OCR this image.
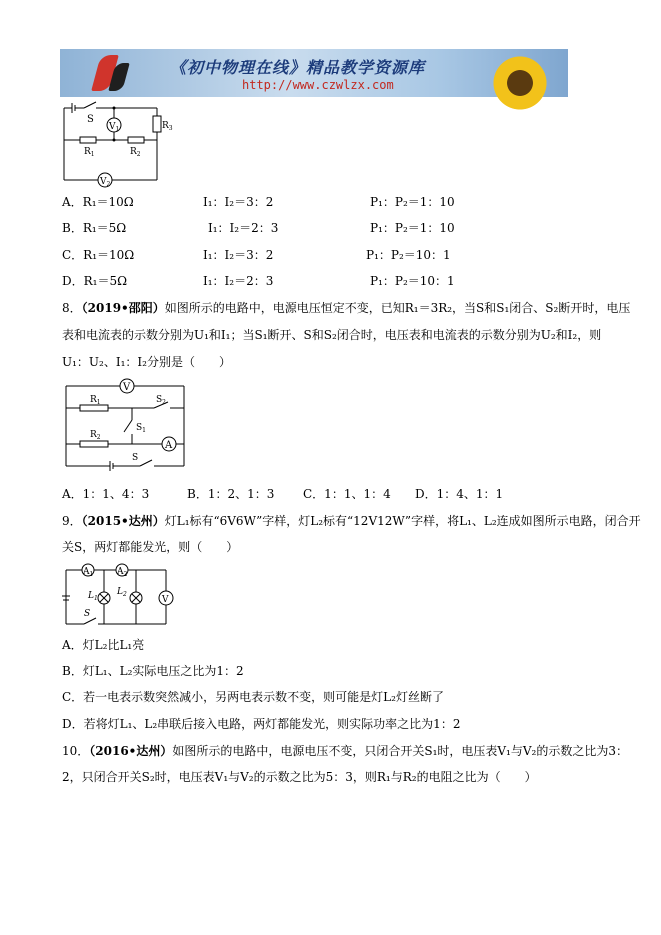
《初中物理在线》精品教学资源库
http://www.czwlzx.com
S
$V_1$	$R_3$
$R_1$	$R_2$
$V_2$
A．R₁＝10Ω	I₁：I₂＝3：2	P₁：P₂＝1：10
B．R₁＝5Ω	I₁：I₂＝2：3	P₁：P₂＝1：10
C．R₁＝10Ω	I₁：I₂＝3：2	P₁：P₂＝10：1
D．R₁＝5Ω	I₁：I₂＝2：3	P₁：P₂＝10：1
8．（2019•邵阳）如图所示的电路中，电源电压恒定不变，已知R₁＝3R₂，当S和S₁闭合、S₂断开时，电压
表和电流表的示数分别为U₁和I₁；当S₁断开、S和S₂闭合时，电压表和电流表的示数分别为U₂和I₂，则
U₁：U₂、I₁：I₂分别是（　　）
V
$R_1$	$S_2$
$R_2$
$S_1$
A
S
A．1：1、4：3	B．1：2、1：3 C．1：1、1：4 D．1：4、1：1
9．（2015•达州）灯L₁标有“6V6W”字样，灯L₂标有“12V12W”字样，将L₁、L₂连成如图所示电路，闭合开
关S，两灯都能发光，则（　　）
$A_1$	$A_2$
$L_1$
$L_2$
V
S
A．灯L₂比L₁亮
B．灯L₁、L₂实际电压之比为1：2
C．若一电表示数突然减小，另两电表示数不变，则可能是灯L₂灯丝断了
D．若将灯L₁、L₂串联后接入电路，两灯都能发光，则实际功率之比为1：2
10．（2016•达州）如图所示的电路中，电源电压不变，只闭合开关S₁时，电压表V₁与V₂的示数之比为3：
2，只闭合开关S₂时，电压表V₁与V₂的示数之比为5：3，则R₁与R₂的电阻之比为（　　）
